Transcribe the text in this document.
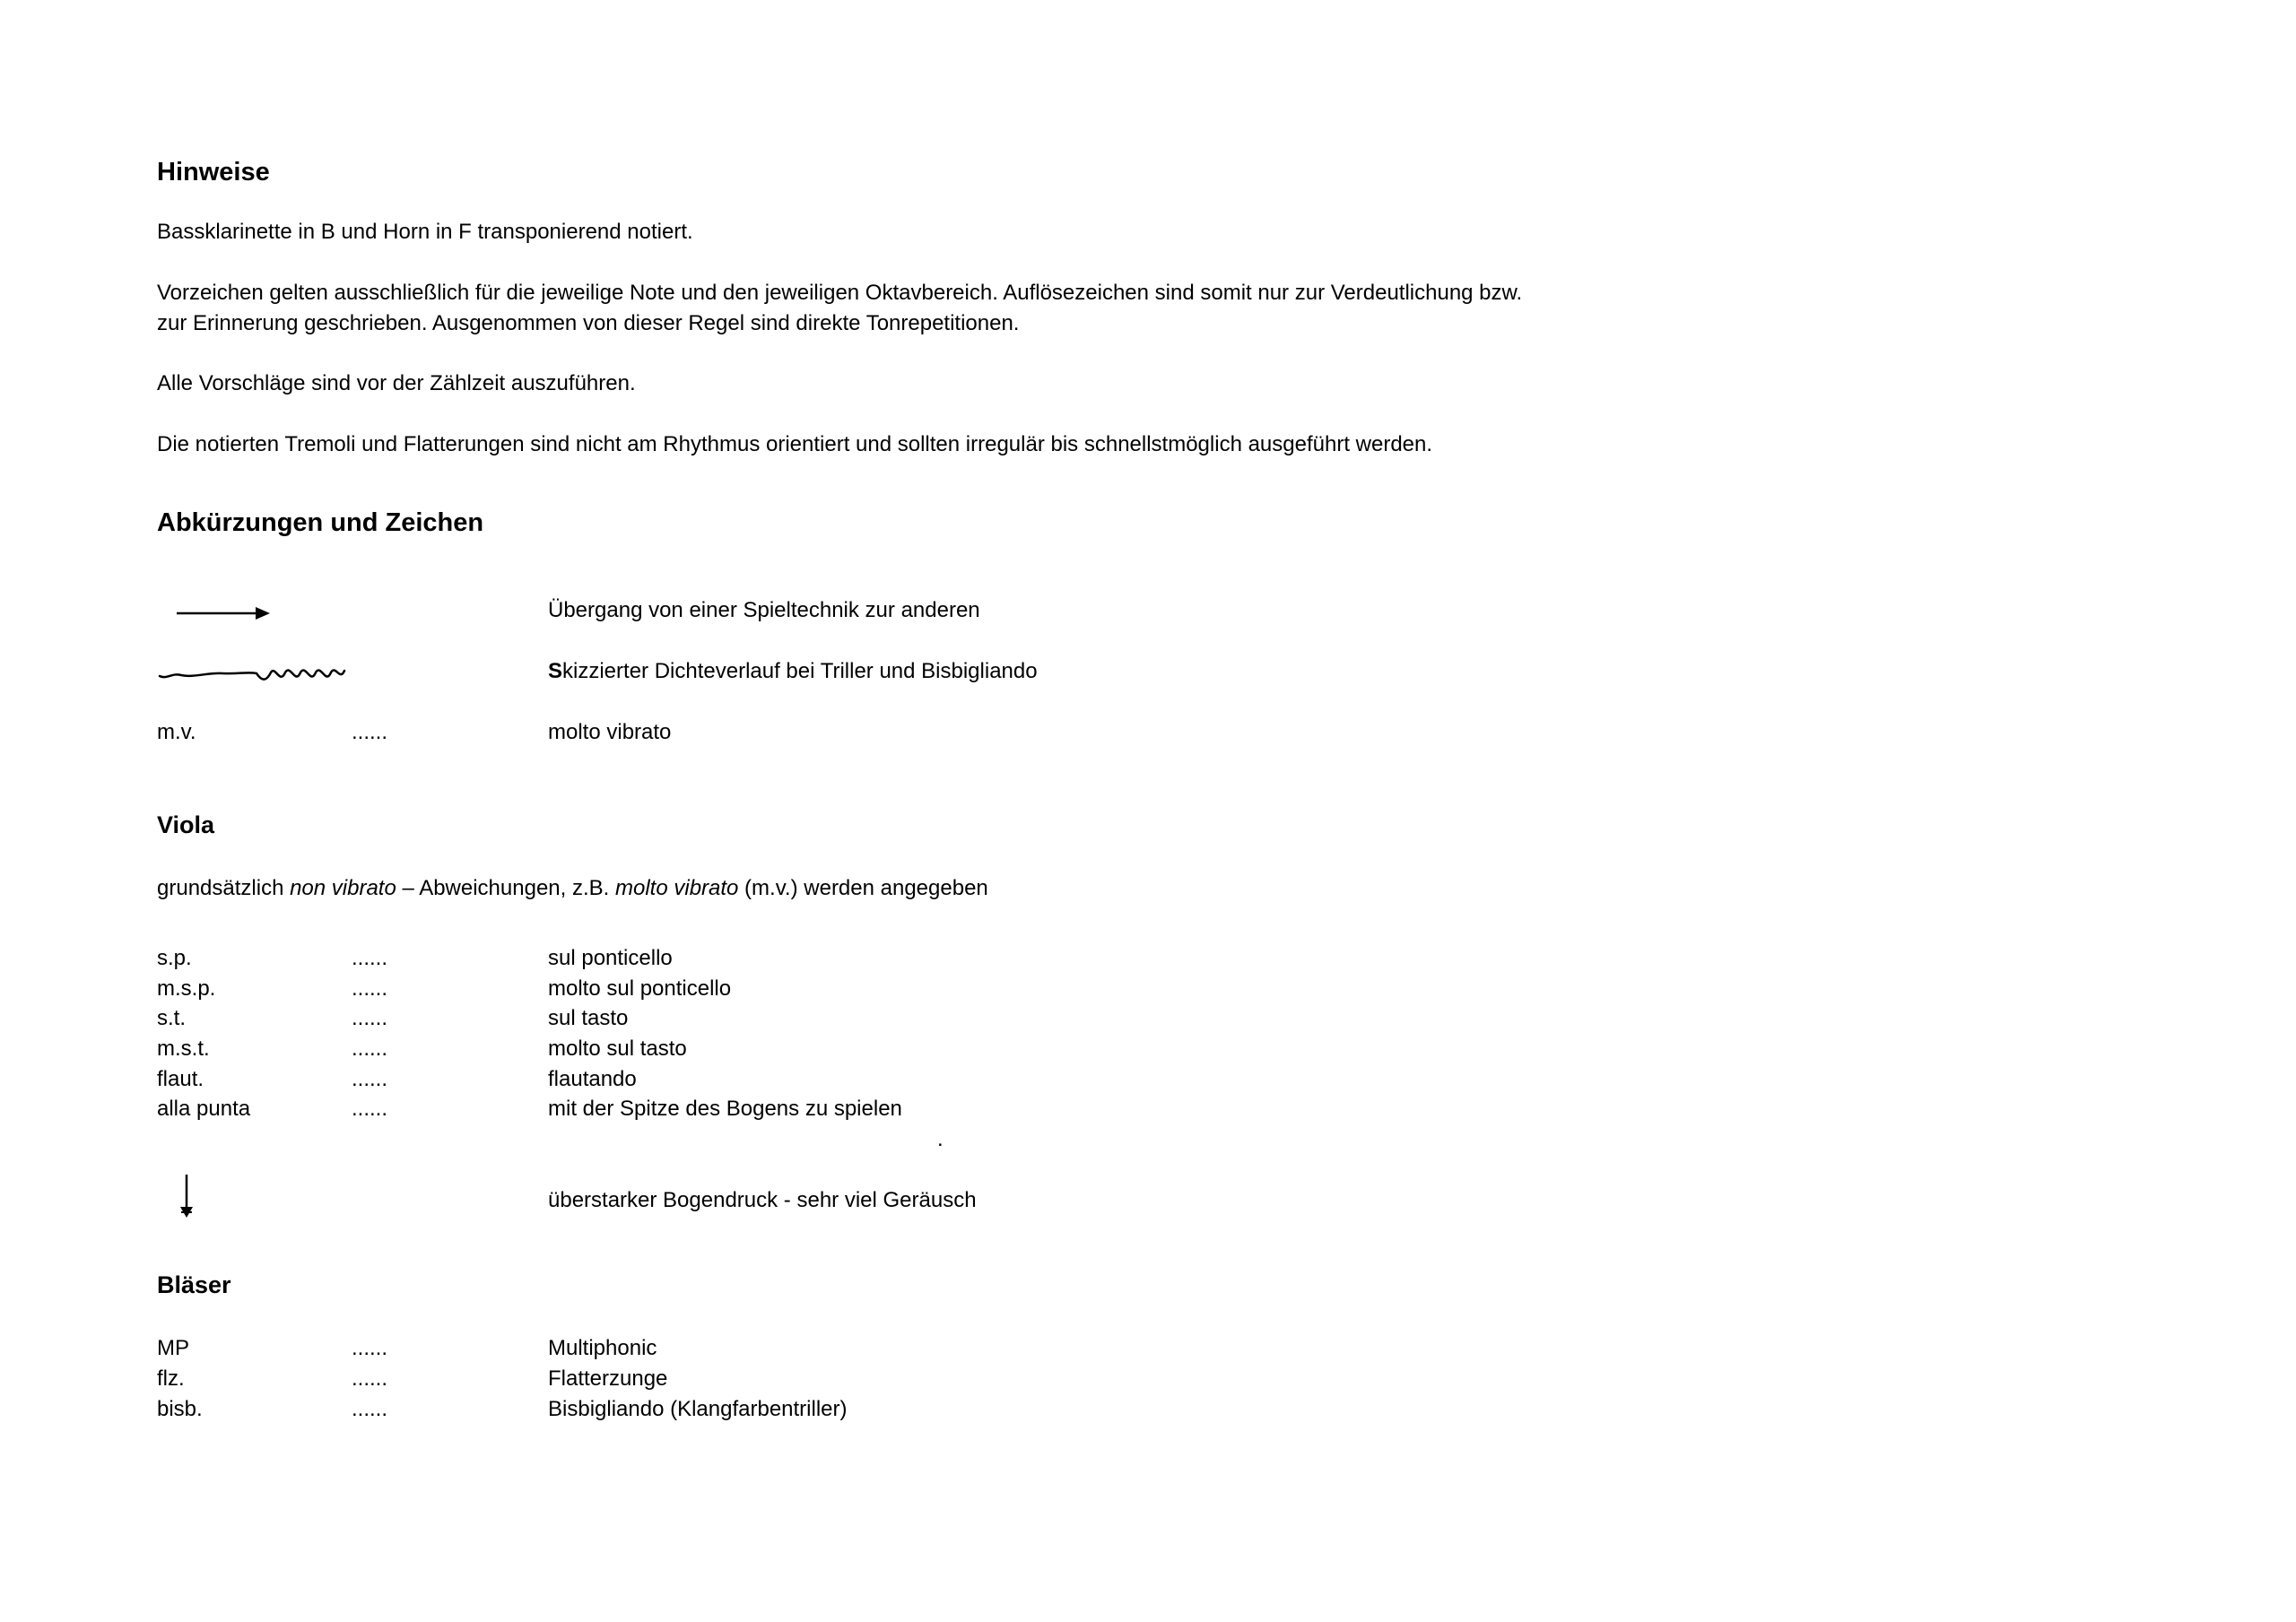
Hinweise
Bassklarinette in B und Horn in F transponierend notiert.
Vorzeichen gelten ausschließlich für die jeweilige Note und den jeweiligen Oktavbereich. Auflösezeichen sind somit nur zur Verdeutlichung bzw.
zur Erinnerung geschrieben. Ausgenommen von dieser Regel sind direkte Tonrepetitionen.
Alle Vorschläge sind vor der Zählzeit auszuführen.
Die notierten Tremoli und Flatterungen sind nicht am Rhythmus orientiert und sollten irregulär bis schnellstmöglich ausgeführt werden.
Abkürzungen und Zeichen
Übergang von einer Spieltechnik zur anderen
Skizzierter Dichteverlauf bei Triller und Bisbigliando
m.v.	......	molto vibrato
Viola
grundsätzlich non vibrato – Abweichungen, z.B. molto vibrato (m.v.) werden angegeben
s.p.	......	sul ponticello
m.s.p.	......	molto sul ponticello
s.t.	......	sul tasto
m.s.t.	......	molto sul tasto
flaut.	......	flautando
alla punta	......	mit der Spitze des Bogens zu spielen
.
überstarker Bogendruck - sehr viel Geräusch
Bläser
MP	......	Multiphonic
flz.	......	Flatterzunge
bisb.	......	Bisbigliando (Klangfarbentriller)
